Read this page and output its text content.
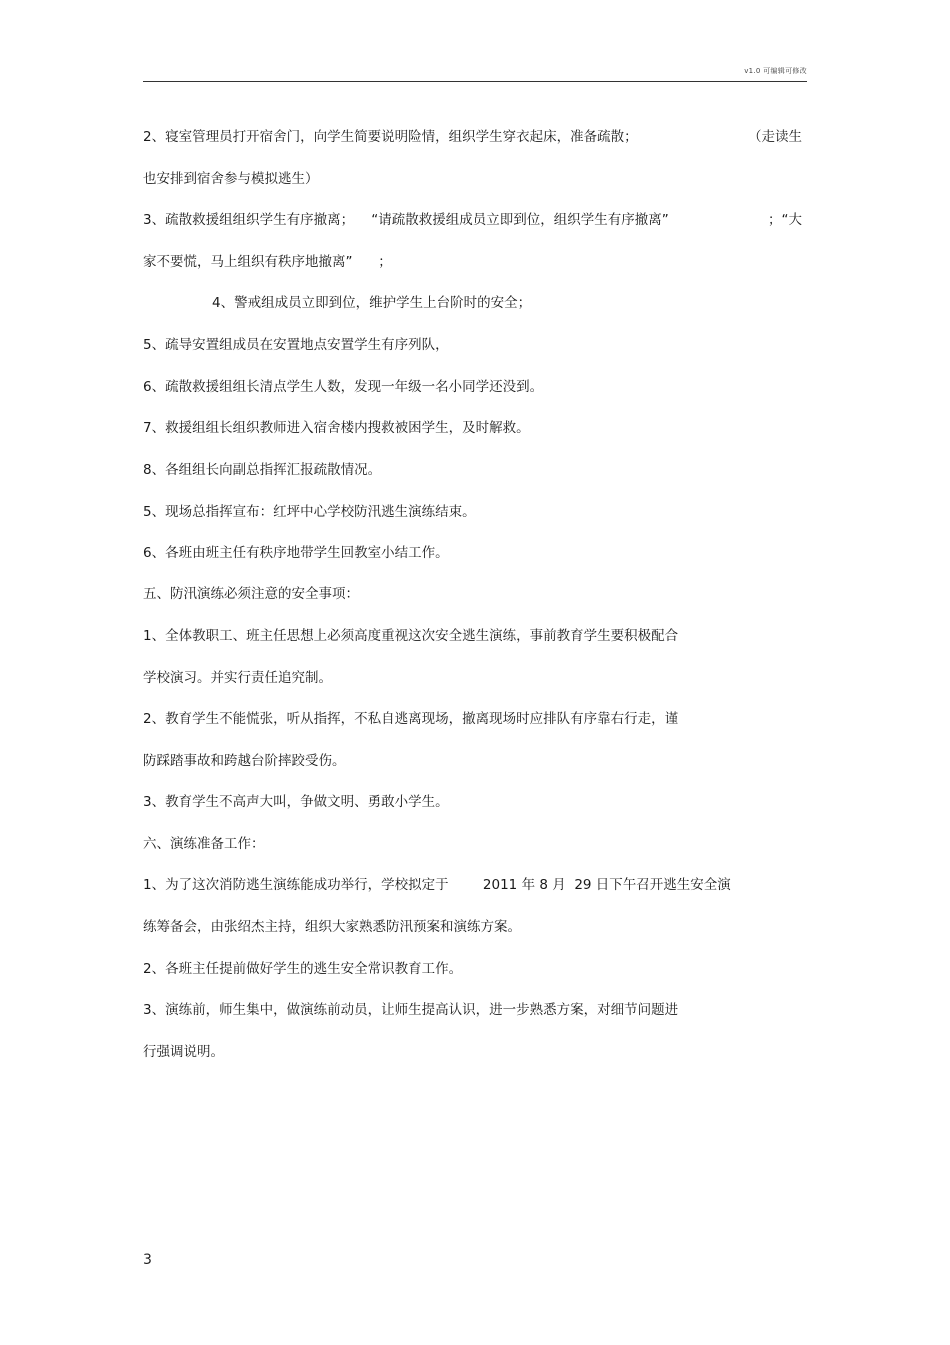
v1.0 可编辑可修改
2、寝室管理员打开宿舍门，向学生简要说明险情，组织学生穿衣起床，准备疏散；	（走读生
也安排到宿舍参与模拟逃生）
3、疏散救援组组织学生有序撤离；    “请疏散救援组成员立即到位，组织学生有序撤离”	；“大
家不要慌，马上组织有秩序地撤离”      ；
4、警戒组成员立即到位，维护学生上台阶时的安全；
5、疏导安置组成员在安置地点安置学生有序列队，
6、疏散救援组组长清点学生人数，发现一年级一名小同学还没到。
7、救援组组长组织教师进入宿舍楼内搜救被困学生，及时解救。
8、各组组长向副总指挥汇报疏散情况。
5、现场总指挥宣布：红坪中心学校防汛逃生演练结束。
6、各班由班主任有秩序地带学生回教室小结工作。
五、防汛演练必须注意的安全事项：
1、全体教职工、班主任思想上必须高度重视这次安全逃生演练，事前教育学生要积极配合
学校演习。并实行责任追究制。
2、教育学生不能慌张，听从指挥，不私自逃离现场，撤离现场时应排队有序靠右行走，谨
防踩踏事故和跨越台阶摔跤受伤。
3、教育学生不高声大叫，争做文明、勇敢小学生。
六、演练准备工作：
1、为了这次消防逃生演练能成功举行，学校拟定于        2011 年 8 月  29 日下午召开逃生安全演
练筹备会，由张绍杰主持，组织大家熟悉防汛预案和演练方案。
2、各班主任提前做好学生的逃生安全常识教育工作。
3、演练前，师生集中，做演练前动员，让师生提高认识，进一步熟悉方案，对细节问题进
行强调说明。
3
